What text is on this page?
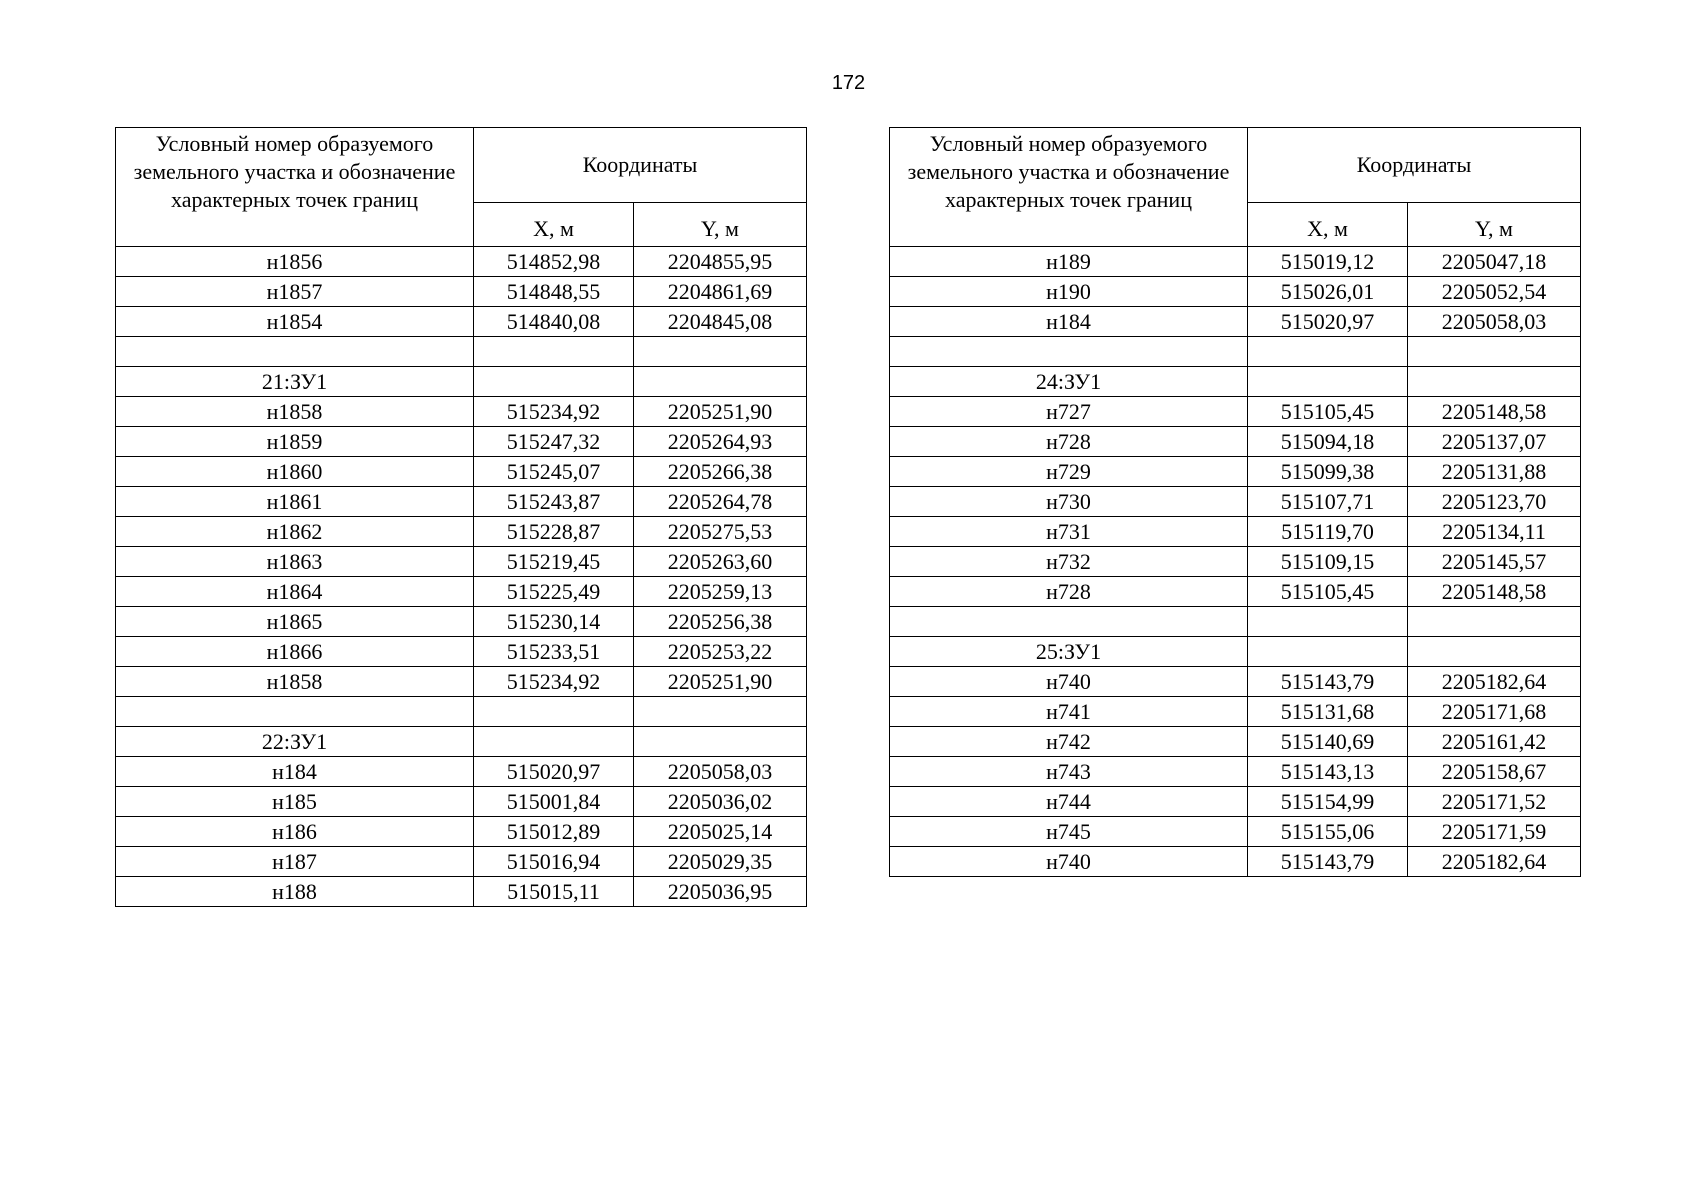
172
Условный номер образуемого земельного участка и обозначение характерных точек границ	Координаты	
	X, м	Y, м
н1856	514852,98	2204855,95
н1857	514848,55	2204861,69
н1854	514840,08	2204845,08

21:ЗУ1		
н1858	515234,92	2205251,90
н1859	515247,32	2205264,93
н1860	515245,07	2205266,38
н1861	515243,87	2205264,78
н1862	515228,87	2205275,53
н1863	515219,45	2205263,60
н1864	515225,49	2205259,13
н1865	515230,14	2205256,38
н1866	515233,51	2205253,22
н1858	515234,92	2205251,90

22:ЗУ1		
н184	515020,97	2205058,03
н185	515001,84	2205036,02
н186	515012,89	2205025,14
н187	515016,94	2205029,35
н188	515015,11	2205036,95
Условный номер образуемого земельного участка и обозначение характерных точек границ	Координаты	
	X, м	Y, м
н189	515019,12	2205047,18
н190	515026,01	2205052,54
н184	515020,97	2205058,03

24:ЗУ1		
н727	515105,45	2205148,58
н728	515094,18	2205137,07
н729	515099,38	2205131,88
н730	515107,71	2205123,70
н731	515119,70	2205134,11
н732	515109,15	2205145,57
н728	515105,45	2205148,58

25:ЗУ1		
н740	515143,79	2205182,64
н741	515131,68	2205171,68
н742	515140,69	2205161,42
н743	515143,13	2205158,67
н744	515154,99	2205171,52
н745	515155,06	2205171,59
н740	515143,79	2205182,64
